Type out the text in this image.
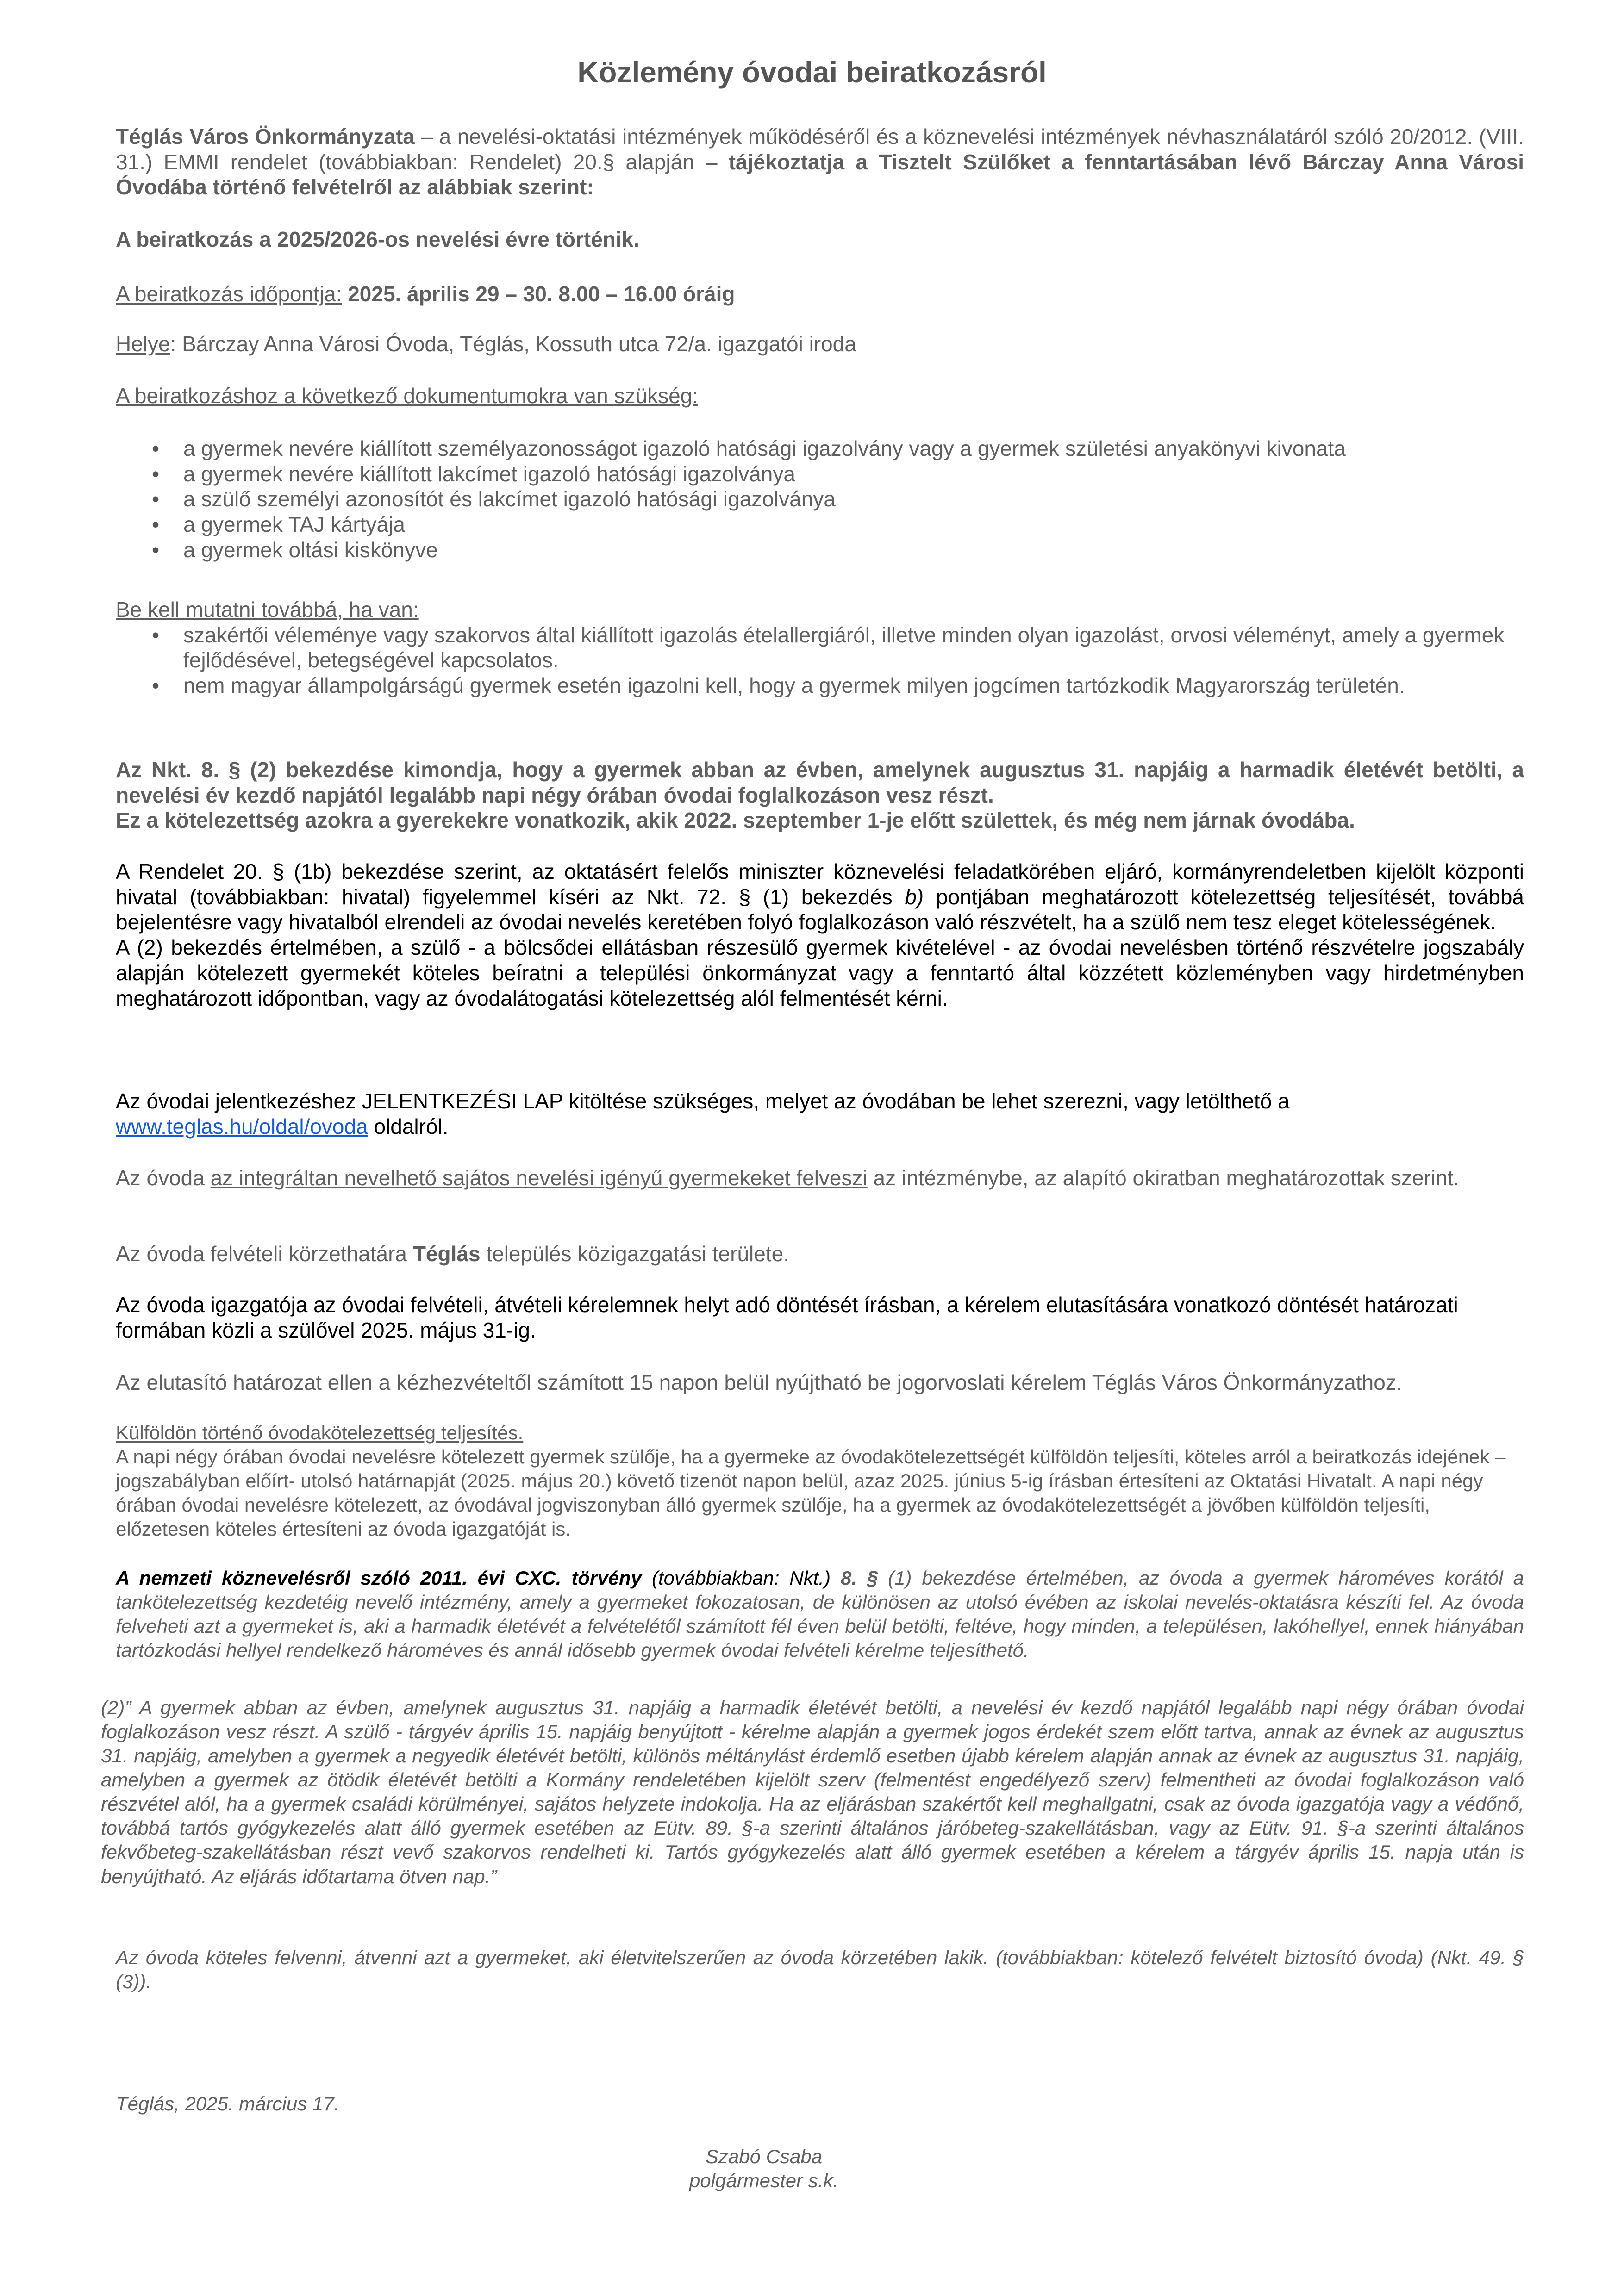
Közlemény óvodai beiratkozásról
Téglás Város Önkormányzata – a nevelési-oktatási intézmények működéséről és a köznevelési intézmények névhasználatáról szóló 20/2012. (VIII. 31.) EMMI rendelet (továbbiakban: Rendelet) 20.§ alapján – tájékoztatja a Tisztelt Szülőket a fenntartásában lévő Bárczay Anna Városi Óvodába történő felvételről az alábbiak szerint:
A beiratkozás a 2025/2026-os nevelési évre történik.
A beiratkozás időpontja: 2025. április 29 – 30. 8.00 – 16.00 óráig
Helye: Bárczay Anna Városi Óvoda, Téglás, Kossuth utca 72/a. igazgatói iroda
A beiratkozáshoz a következő dokumentumokra van szükség:
• a gyermek nevére kiállított személyazonosságot igazoló hatósági igazolvány vagy a gyermek születési anyakönyvi kivonata
• a gyermek nevére kiállított lakcímet igazoló hatósági igazolványa
• a szülő személyi azonosítót és lakcímet igazoló hatósági igazolványa
• a gyermek TAJ kártyája
• a gyermek oltási kiskönyve
Be kell mutatni továbbá, ha van:
• szakértői véleménye vagy szakorvos által kiállított igazolás ételallergiáról, illetve minden olyan igazolást, orvosi véleményt, amely a gyermek fejlődésével, betegségével kapcsolatos.
• nem magyar állampolgárságú gyermek esetén igazolni kell, hogy a gyermek milyen jogcímen tartózkodik Magyarország területén.
Az Nkt. 8. § (2) bekezdése kimondja, hogy a gyermek abban az évben, amelynek augusztus 31. napjáig a harmadik életévét betölti, a nevelési év kezdő napjától legalább napi négy órában óvodai foglalkozáson vesz részt.
Ez a kötelezettség azokra a gyerekekre vonatkozik, akik 2022. szeptember 1-je előtt születtek, és még nem járnak óvodába.
A Rendelet 20. § (1b) bekezdése szerint, az oktatásért felelős miniszter köznevelési feladatkörében eljáró, kormányrendeletben kijelölt központi hivatal (továbbiakban: hivatal) figyelemmel kíséri az Nkt. 72. § (1) bekezdés b) pontjában meghatározott kötelezettség teljesítését, továbbá bejelentésre vagy hivatalból elrendeli az óvodai nevelés keretében folyó foglalkozáson való részvételt, ha a szülő nem tesz eleget kötelességének.
A (2) bekezdés értelmében, a szülő - a bölcsődei ellátásban részesülő gyermek kivételével - az óvodai nevelésben történő részvételre jogszabály alapján kötelezett gyermekét köteles beíratni a települési önkormányzat vagy a fenntartó által közzétett közleményben vagy hirdetményben meghatározott időpontban, vagy az óvodalátogatási kötelezettség alól felmentését kérni.
Az óvodai jelentkezéshez JELENTKEZÉSI LAP kitöltése szükséges, melyet az óvodában be lehet szerezni, vagy letölthető a www.teglas.hu/oldal/ovoda oldalról.
Az óvoda az integráltan nevelhető sajátos nevelési igényű gyermekeket felveszi az intézménybe, az alapító okiratban meghatározottak szerint.
Az óvoda felvételi körzethatára Téglás település közigazgatási területe.
Az óvoda igazgatója az óvodai felvételi, átvételi kérelemnek helyt adó döntését írásban, a kérelem elutasítására vonatkozó döntését határozati formában közli a szülővel 2025. május 31-ig.
Az elutasító határozat ellen a kézhezvételtől számított 15 napon belül nyújtható be jogorvoslati kérelem Téglás Város Önkormányzathoz.
Külföldön történő óvodakötelezettség teljesítés.
A napi négy órában óvodai nevelésre kötelezett gyermek szülője, ha a gyermeke az óvodakötelezettségét külföldön teljesíti, köteles arról a beiratkozás idejének – jogszabályban előírt- utolsó határnapját (2025. május 20.) követő tizenöt napon belül, azaz 2025. június 5-ig írásban értesíteni az Oktatási Hivatalt. A napi négy órában óvodai nevelésre kötelezett, az óvodával jogviszonyban álló gyermek szülője, ha a gyermek az óvodakötelezettségét a jövőben külföldön teljesíti, előzetesen köteles értesíteni az óvoda igazgatóját is.
A nemzeti köznevelésről szóló 2011. évi CXC. törvény (továbbiakban: Nkt.) 8. § (1) bekezdése értelmében, az óvoda a gyermek hároméves korától a tankötelezettség kezdetéig nevelő intézmény, amely a gyermeket fokozatosan, de különösen az utolsó évében az iskolai nevelés-oktatásra készíti fel. Az óvoda felveheti azt a gyermeket is, aki a harmadik életévét a felvételétől számított fél éven belül betölti, feltéve, hogy minden, a településen, lakóhellyel, ennek hiányában tartózkodási hellyel rendelkező hároméves és annál idősebb gyermek óvodai felvételi kérelme teljesíthető.
(2)” A gyermek abban az évben, amelynek augusztus 31. napjáig a harmadik életévét betölti, a nevelési év kezdő napjától legalább napi négy órában óvodai foglalkozáson vesz részt. A szülő - tárgyév április 15. napjáig benyújtott - kérelme alapján a gyermek jogos érdekét szem előtt tartva, annak az évnek az augusztus 31. napjáig, amelyben a gyermek a negyedik életévét betölti, különös méltánylást érdemlő esetben újabb kérelem alapján annak az évnek az augusztus 31. napjáig, amelyben a gyermek az ötödik életévét betölti a Kormány rendeletében kijelölt szerv (felmentést engedélyező szerv) felmentheti az óvodai foglalkozáson való részvétel alól, ha a gyermek családi körülményei, sajátos helyzete indokolja. Ha az eljárásban szakértőt kell meghallgatni, csak az óvoda igazgatója vagy a védőnő, továbbá tartós gyógykezelés alatt álló gyermek esetében az Eütv. 89. §-a szerinti általános járóbeteg-szakellátásban, vagy az Eütv. 91. §-a szerinti általános fekvőbeteg-szakellátásban részt vevő szakorvos rendelheti ki. Tartós gyógykezelés alatt álló gyermek esetében a kérelem a tárgyév április 15. napja után is benyújtható. Az eljárás időtartama ötven nap.”
Az óvoda köteles felvenni, átvenni azt a gyermeket, aki életvitelszerűen az óvoda körzetében lakik. (továbbiakban: kötelező felvételt biztosító óvoda) (Nkt. 49. § (3)).
Téglás, 2025. március 17.
Szabó Csaba
polgármester s.k.
